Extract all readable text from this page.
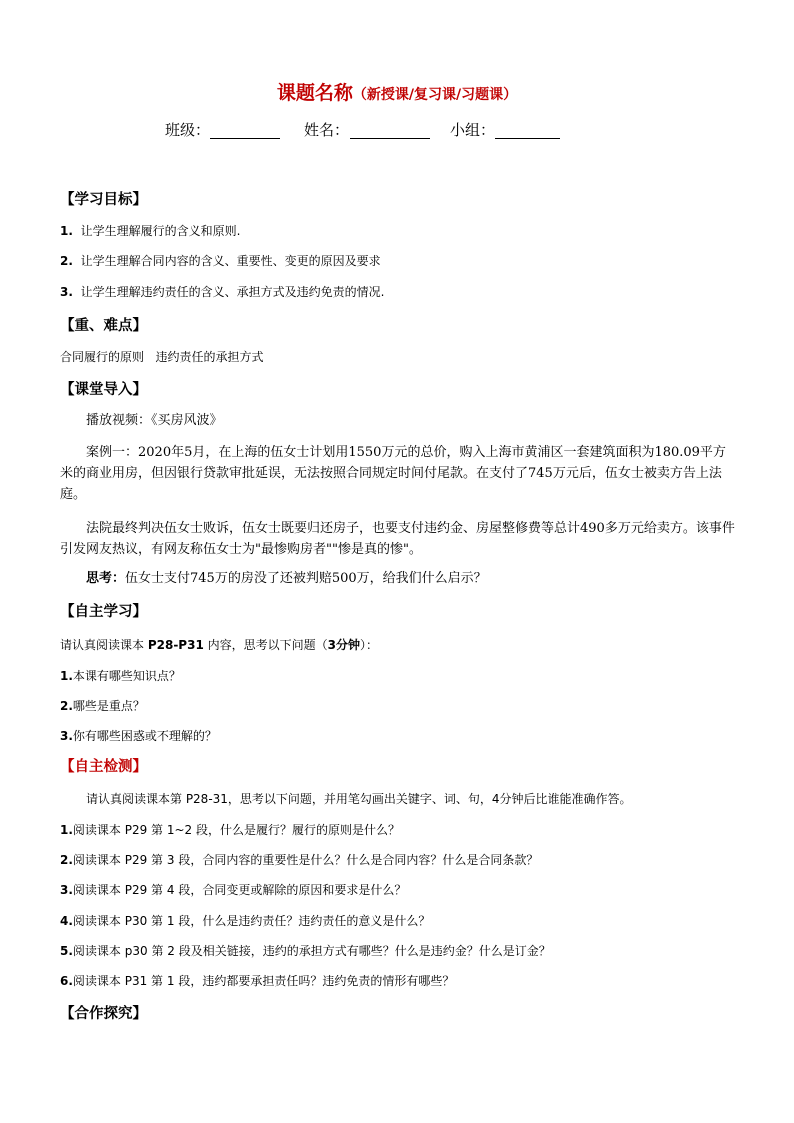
课题名称（新授课/复习课/习题课）
班级：	姓名：	小组：
【学习目标】
1. 让学生理解履行的含义和原则.
2. 让学生理解合同内容的含义、重要性、变更的原因及要求
3. 让学生理解违约责任的含义、承担方式及违约免责的情况.
【重、难点】
合同履行的原则   违约责任的承担方式
【课堂导入】
播放视频：《买房风波》
案例一：2020年5月，在上海的伍女士计划用1550万元的总价，购入上海市黄浦区一套建筑面积为180.09平方米的商业用房，但因银行贷款审批延误，无法按照合同规定时间付尾款。在支付了745万元后，伍女士被卖方告上法庭。
法院最终判决伍女士败诉，伍女士既要归还房子，也要支付违约金、房屋整修费等总计490多万元给卖方。该事件引发网友热议，有网友称伍女士为"最惨购房者""惨是真的惨"。
思考：伍女士支付745万的房没了还被判赔500万，给我们什么启示？
【自主学习】
请认真阅读课本 P28-P31 内容，思考以下问题（3分钟）：
1.本课有哪些知识点？
2.哪些是重点？
3.你有哪些困惑或不理解的？
【自主检测】
请认真阅读课本第 P28-31，思考以下问题，并用笔勾画出关键字、词、句，4分钟后比谁能准确作答。
1.阅读课本 P29 第 1~2 段，什么是履行？履行的原则是什么？
2.阅读课本 P29 第 3 段，合同内容的重要性是什么？什么是合同内容？什么是合同条款？
3.阅读课本 P29 第 4 段，合同变更或解除的原因和要求是什么？
4.阅读课本 P30 第 1 段，什么是违约责任？违约责任的意义是什么？
5.阅读课本 p30 第 2 段及相关链接，违约的承担方式有哪些？什么是违约金？什么是订金？
6.阅读课本 P31 第 1 段，违约都要承担责任吗？违约免责的情形有哪些？
【合作探究】
